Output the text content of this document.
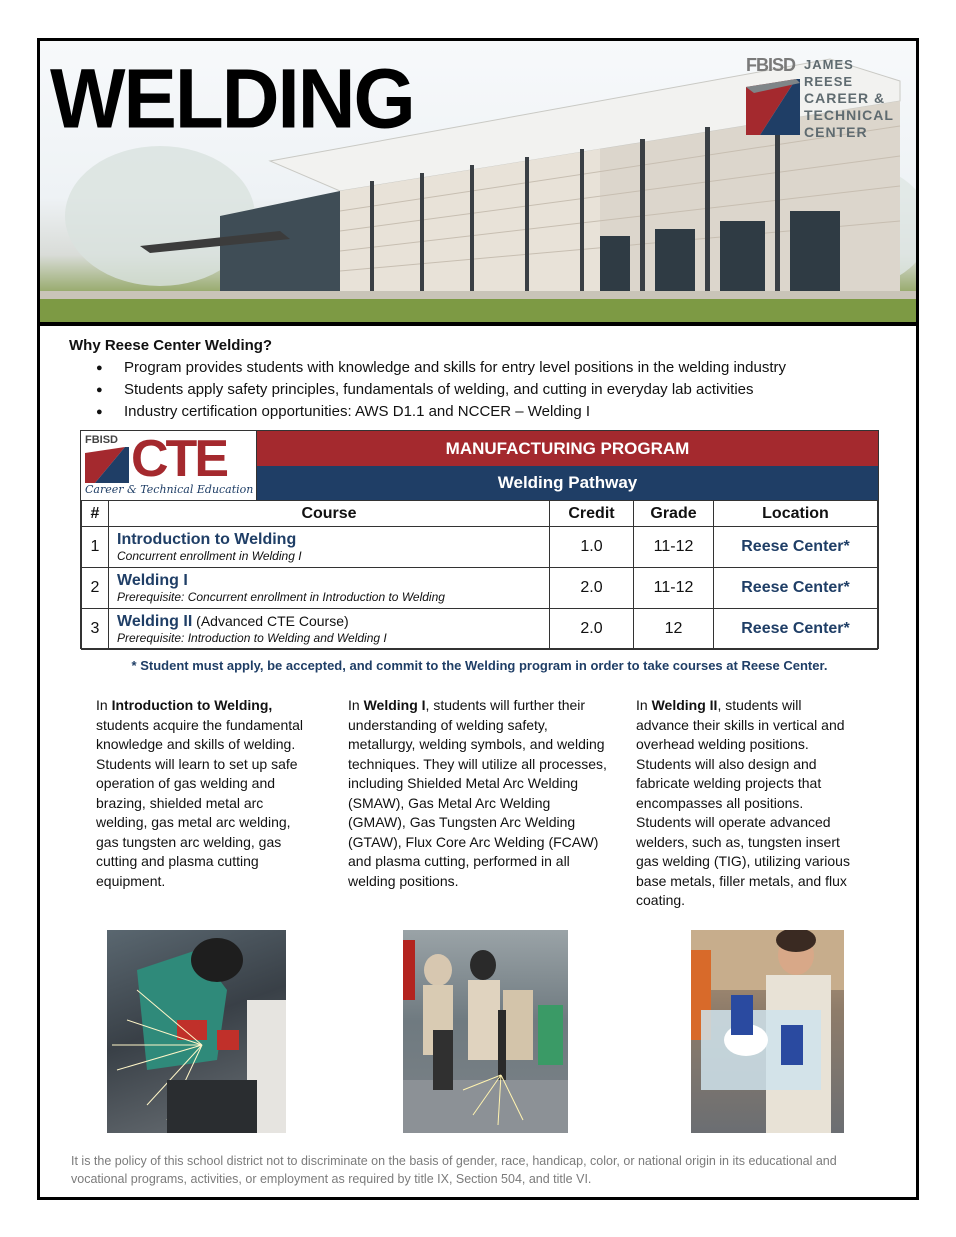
WELDING	FBISD JAMES REESE
CAREER &
TECHNICAL
CENTER
Why Reese Center Welding?
● Program provides students with knowledge and skills for entry level positions in the welding industry
● Students apply safety principles, fundamentals of welding, and cutting in everyday lab activities
● Industry certification opportunities: AWS D1.1 and NCCER – Welding I
FBISD CTE
Career & Technical Education
MANUFACTURING PROGRAM
Welding Pathway
#	Course	Credit	Grade	Location
1	Introduction to Welding
Concurrent enrollment in Welding I	1.0	11-12	Reese Center*
2	Welding I
Prerequisite: Concurrent enrollment in Introduction to Welding	2.0	11-12	Reese Center*
3	Welding II (Advanced CTE Course)
Prerequisite: Introduction to Welding and Welding I	2.0	12	Reese Center*
* Student must apply, be accepted, and commit to the Welding program in order to take courses at Reese Center.
In Introduction to Welding, students acquire the fundamental knowledge and skills of welding. Students will learn to set up safe operation of gas welding and brazing, shielded metal arc welding, gas metal arc welding, gas tungsten arc welding, gas cutting and plasma cutting equipment.
In Welding I, students will further their understanding of welding safety, metallurgy, welding symbols, and welding techniques. They will utilize all processes, including Shielded Metal Arc Welding (SMAW), Gas Metal Arc Welding (GMAW), Gas Tungsten Arc Welding (GTAW), Flux Core Arc Welding (FCAW) and plasma cutting, performed in all welding positions.
In Welding II, students will advance their skills in vertical and overhead welding positions. Students will also design and fabricate welding projects that encompasses all positions. Students will operate advanced welders, such as, tungsten insert gas welding (TIG), utilizing various base metals, filler metals, and flux coating.
It is the policy of this school district not to discriminate on the basis of gender, race, handicap, color, or national origin in its educational and vocational programs, activities, or employment as required by title IX, Section 504, and title VI.
